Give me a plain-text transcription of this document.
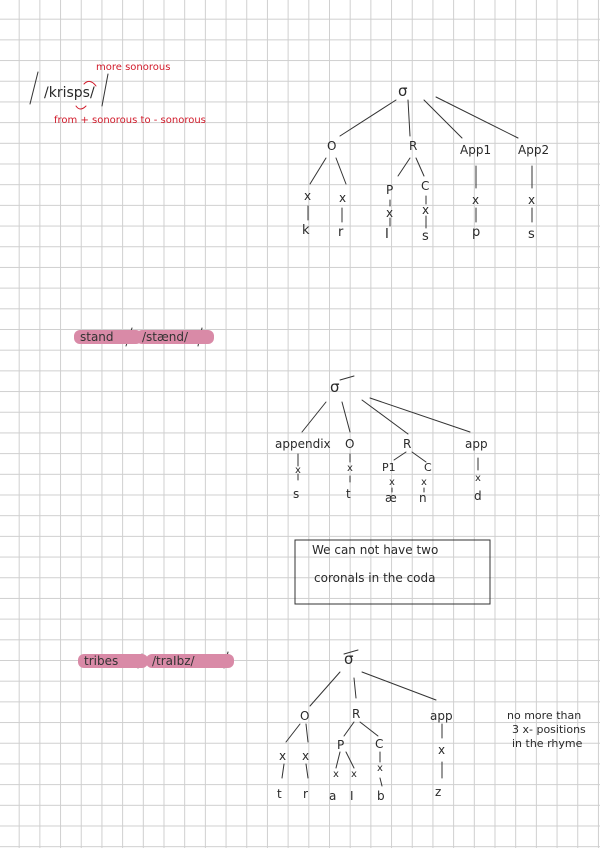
/krisps/
more sonorous
from + sonorous to - sonorous
σ
O	R	App1 App2
P C
x x
x x
x	x
k r	I	s	p	s
stand	/stænd/
σ
appendix O	R	app
P1	C
x	x
x	x	x
s	t	æ n	d
We can not have two
coronals in the coda
tribes	/traIbz/	σ
O	R	app
P	C
x x
x x
x
x
t r a I b	z
no more than
3 x- positions
in the rhyme
